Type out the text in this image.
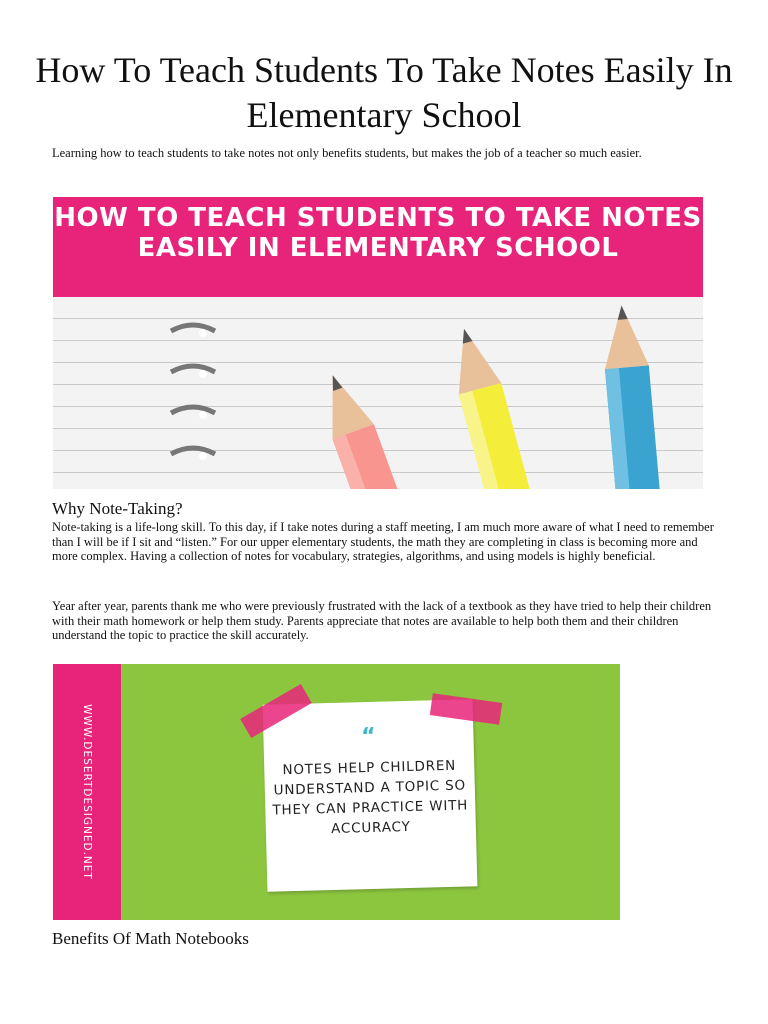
How To Teach Students To Take Notes Easily In Elementary School

Learning how to teach students to take notes not only benefits students, but makes the job of a teacher so much easier.

HOW TO TEACH STUDENTS TO TAKE NOTES EASILY IN ELEMENTARY SCHOOL
Why Note-Taking?

Note-taking is a life-long skill. To this day, if I take notes during a staff meeting, I am much more aware of what I need to remember than I will be if I sit and “listen.” For our upper elementary students, the math they are completing in class is becoming more and more complex. Having a collection of notes for vocabulary, strategies, algorithms, and using models is highly beneficial.

Year after year, parents thank me who were previously frustrated with the lack of a textbook as they have tried to help their children with their math homework or help them study. Parents appreciate that notes are available to help both them and their children understand the topic to practice the skill accurately.

WWW.DESERTDESIGNED.NET	“
NOTES HELP CHILDREN UNDERSTAND A TOPIC SO THEY CAN PRACTICE WITH ACCURACY
Benefits Of Math Notebooks
